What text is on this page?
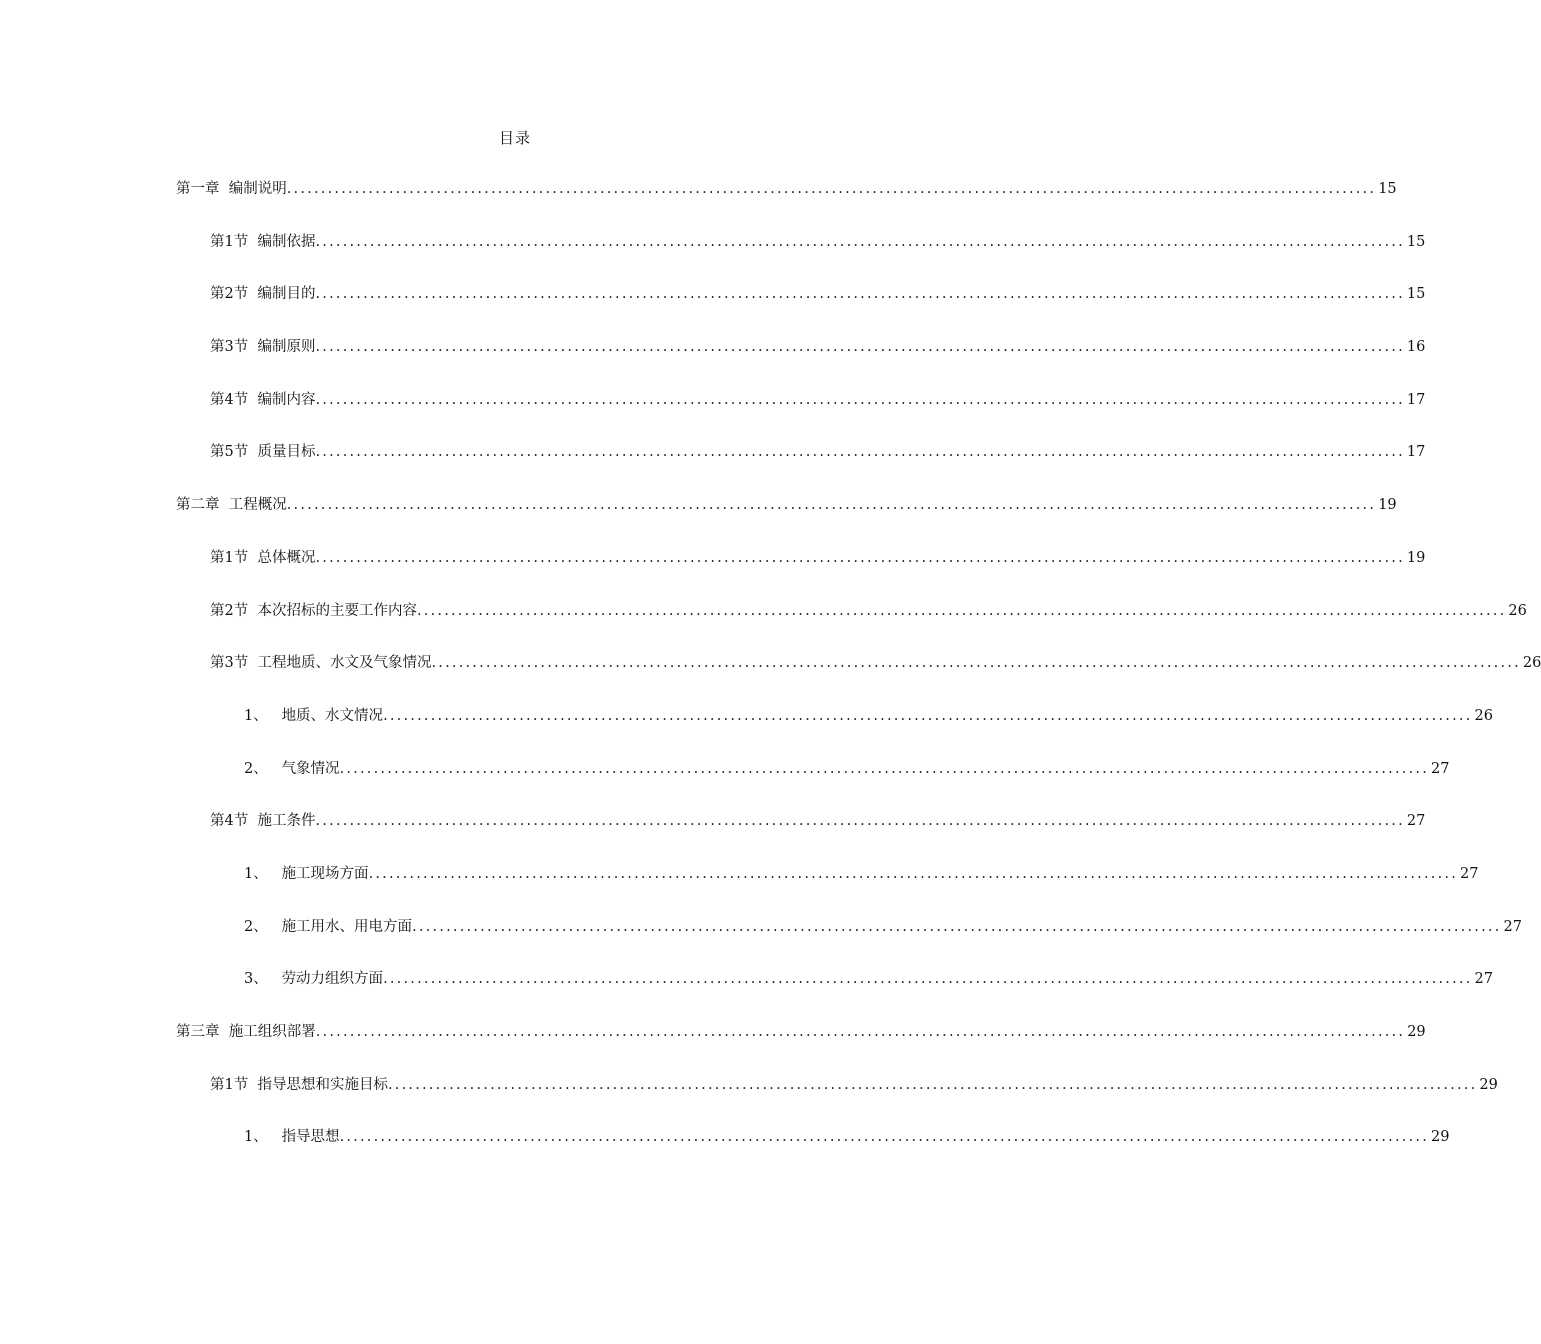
目录
第一章 编制说明 .....	15
第1节 编制依据 .....	15
第2节 编制目的 .....	15
第3节 编制原则 .....	16
第4节 编制内容 .....	17
第5节 质量目标 .....	17
第二章 工程概况 .....	19
第1节 总体概况 .....	19
第2节 本次招标的主要工作内容 .....	26
第3节 工程地质、水文及气象情况 .....	26
1、 地质、水文情况 .....	26
2、 气象情况 .....	27
第4节 施工条件 .....	27
1、 施工现场方面 .....	27
2、 施工用水、用电方面 .....	27
3、 劳动力组织方面 .....	27
第三章 施工组织部署 .....	29
第1节 指导思想和实施目标 .....	29
1、 指导思想 .....	29
